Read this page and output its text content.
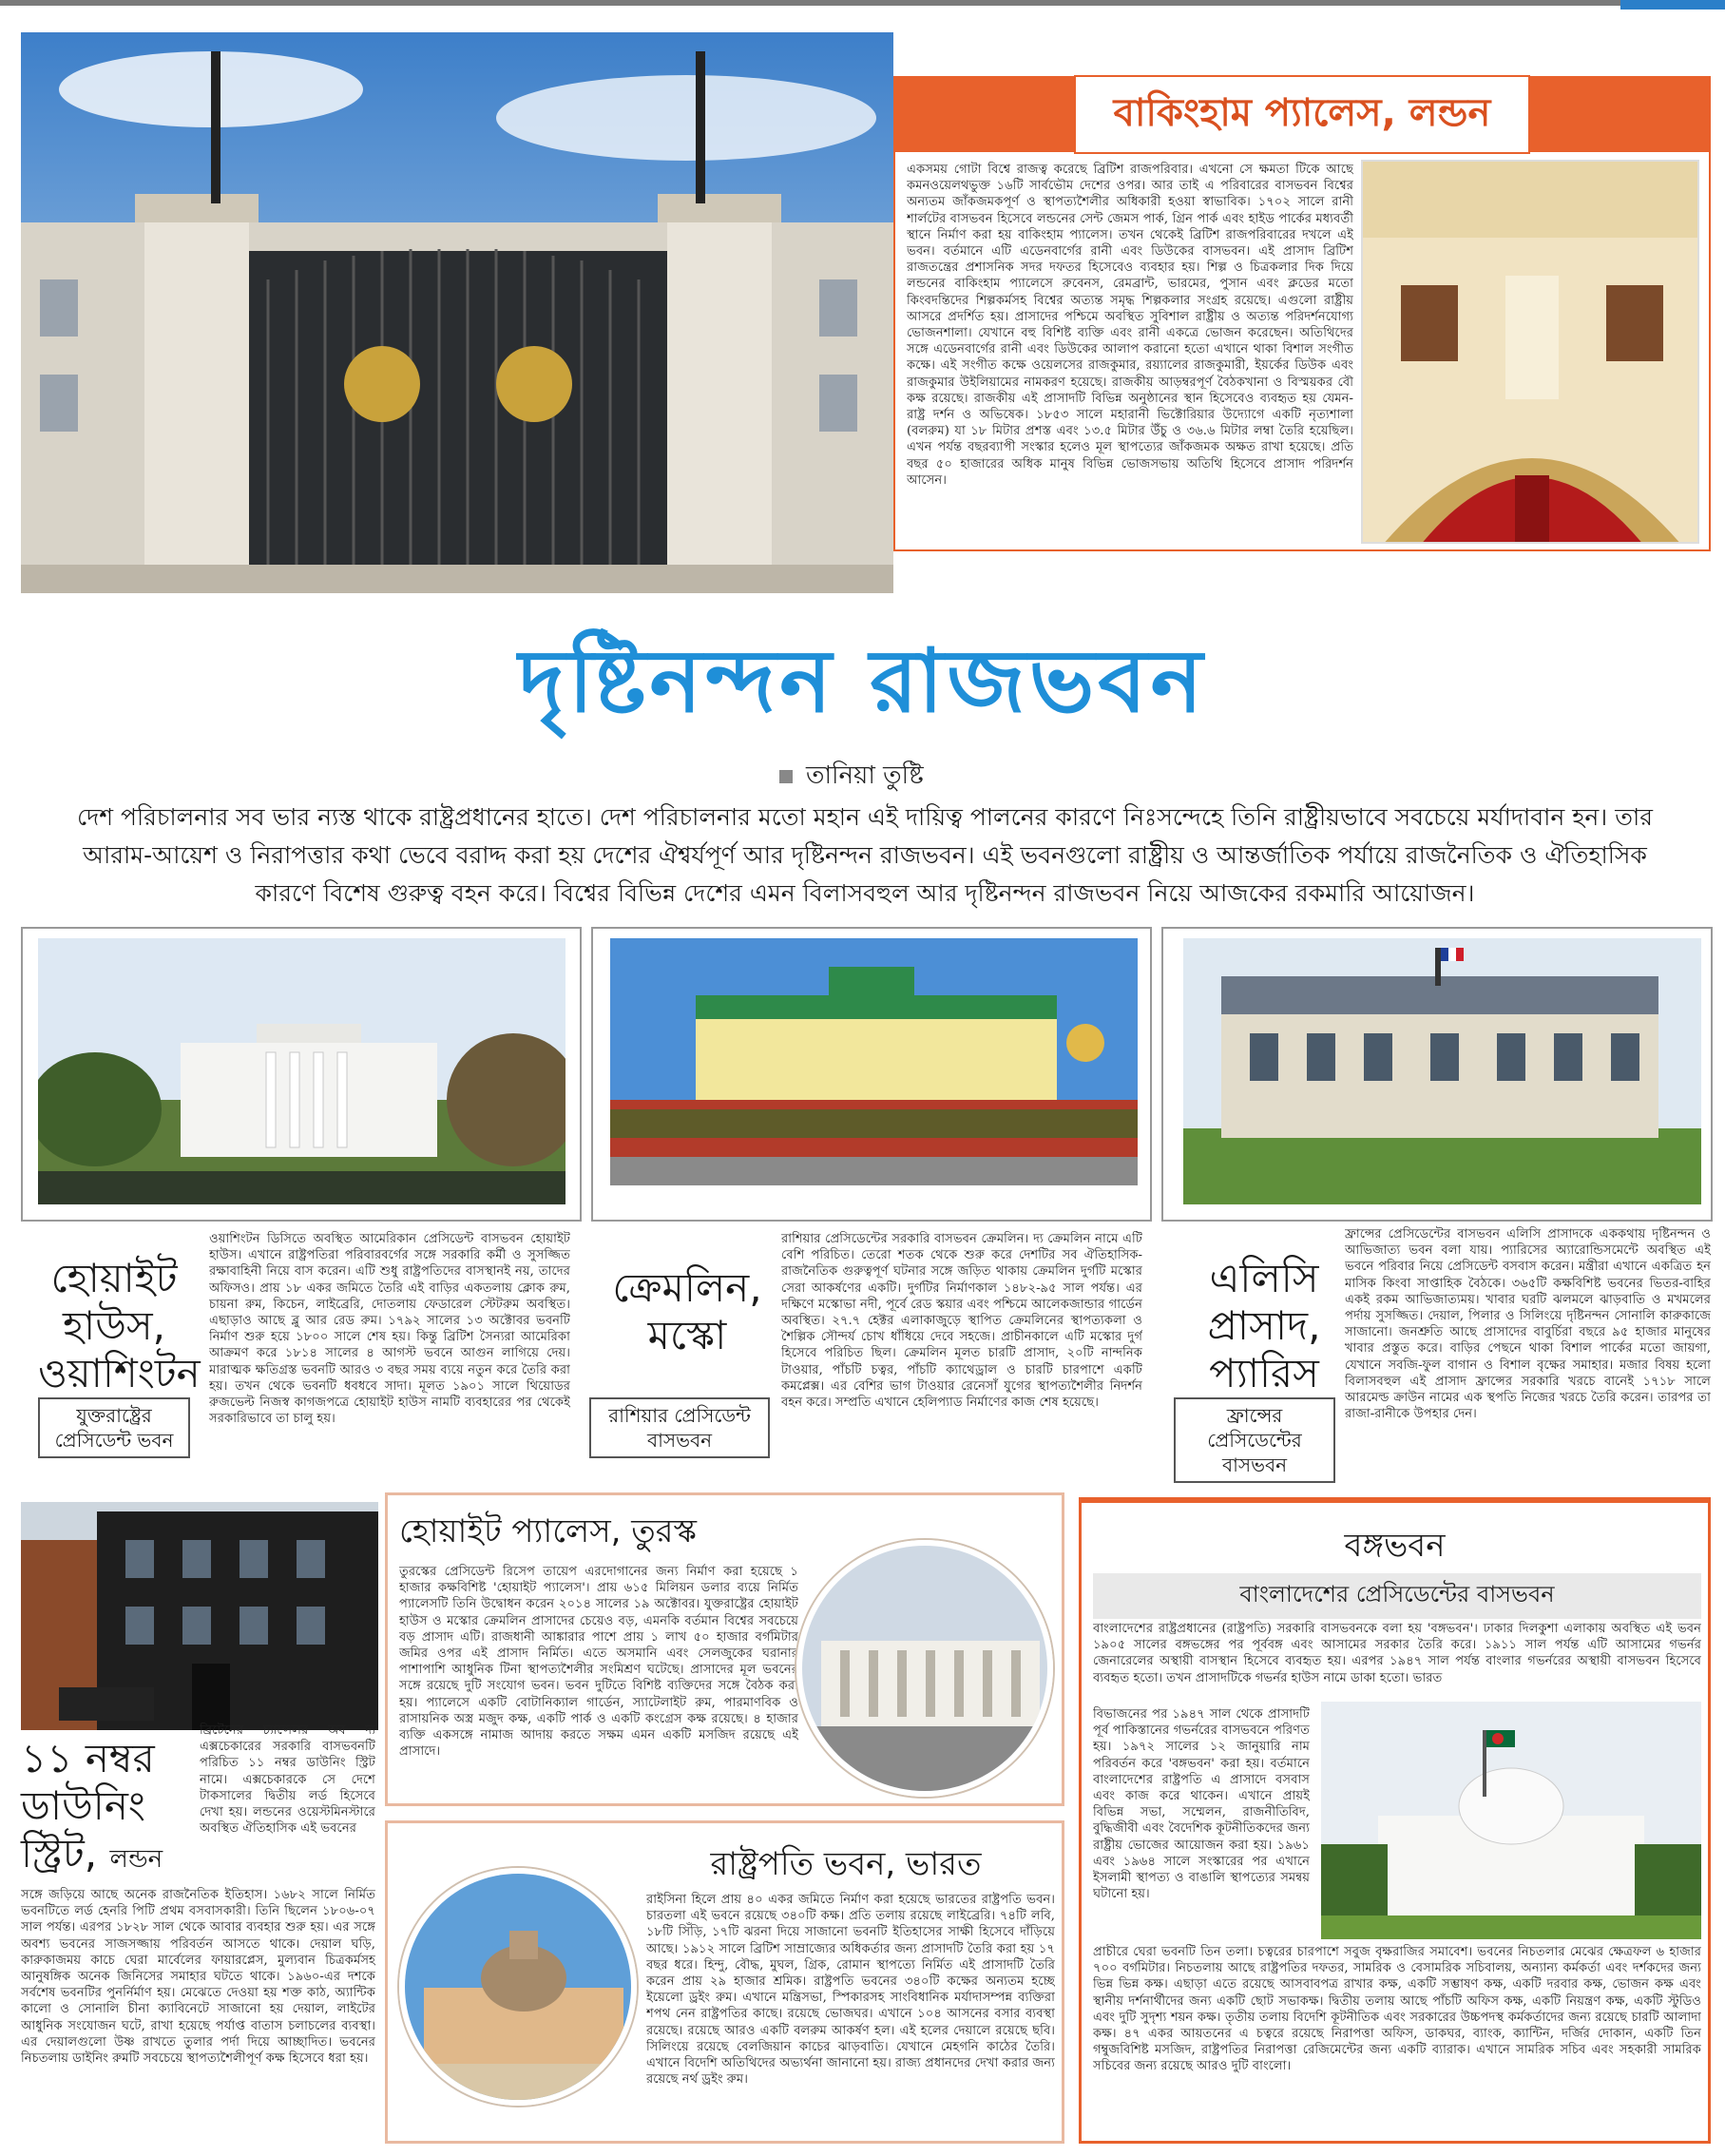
বাকিংহাম প্যালেস, লন্ডন
একসময় গোটা বিশ্বে রাজত্ব করেছে ব্রিটিশ রাজপরিবার। এখনো সে ক্ষমতা টিকে আছে কমনওয়েলথভুক্ত ১৬টি সার্বভৌম দেশের ওপর। আর তাই এ পরিবারের বাসভবন বিশ্বের অন্যতম জাঁকজমকপূর্ণ ও স্থাপত্যশৈলীর অধিকারী হওয়া স্বাভাবিক। ১৭০২ সালে রানী শার্লটের বাসভবন হিসেবে লন্ডনের সেন্ট জেমস পার্ক, গ্রিন পার্ক এবং হাইড পার্কের মধ্যবর্তী স্থানে নির্মাণ করা হয় বাকিংহাম প্যালেস। তখন থেকেই ব্রিটিশ রাজপরিবারের দখলে এই ভবন। বর্তমানে এটি এডেনবার্গের রানী এবং ডিউকের বাসভবন। এই প্রাসাদ ব্রিটিশ রাজতন্ত্রের প্রশাসনিক সদর দফতর হিসেবেও ব্যবহার হয়। শিল্প ও চিত্রকলার দিক দিয়ে লন্ডনের বাকিংহাম প্যালেসে রুবেনস, রেমব্রান্ট, ভারমের, পুসান এবং ক্লডের মতো কিংবদন্তিদের শিল্পকর্মসহ বিশ্বের অত্যন্ত সমৃদ্ধ শিল্পকলার সংগ্রহ রয়েছে। এগুলো রাষ্ট্রীয় আসরে প্রদর্শিত হয়। প্রাসাদের পশ্চিমে অবস্থিত সুবিশাল রাষ্ট্রীয় ও অত্যন্ত পরিদর্শনযোগ্য ভোজনশালা। যেখানে বহু বিশিষ্ট ব্যক্তি এবং রানী একত্রে ভোজন করেছেন। অতিথিদের সঙ্গে এডেনবার্গের রানী এবং ডিউকের আলাপ করানো হতো এখানে থাকা বিশাল সংগীত কক্ষে। এই সংগীত কক্ষে ওয়েলসের রাজকুমার, রয়্যালের রাজকুমারী, ইয়র্কের ডিউক এবং রাজকুমার উইলিয়ামের নামকরণ হয়েছে। রাজকীয় আড়ম্বরপূর্ণ বৈঠকখানা ও বিস্ময়কর বৌ কক্ষ রয়েছে। রাজকীয় এই প্রাসাদটি বিভিন্ন অনুষ্ঠানের স্থান হিসেবেও ব্যবহৃত হয় যেমন- রাষ্ট্র দর্শন ও অভিষেক। ১৮৫৩ সালে মহারানী ভিক্টোরিয়ার উদ্যোগে একটি নৃত্যশালা (বলরুম) যা ১৮ মিটার প্রশস্ত এবং ১৩.৫ মিটার উঁচু ও ৩৬.৬ মিটার লম্বা তৈরি হয়েছিল। এখন পর্যন্ত বছরব্যাপী সংস্কার হলেও মূল স্থাপত্যের জাঁকজমক অক্ষত রাখা হয়েছে। প্রতি বছর ৫০ হাজারের অধিক মানুষ বিভিন্ন ভোজসভায় অতিথি হিসেবে প্রাসাদ পরিদর্শন আসেন।
দৃষ্টিনন্দন রাজভবন
তানিয়া তুষ্টি
দেশ পরিচালনার সব ভার ন্যস্ত থাকে রাষ্ট্রপ্রধানের হাতে। দেশ পরিচালনার মতো মহান এই দায়িত্ব পালনের কারণে নিঃসন্দেহে তিনি রাষ্ট্রীয়ভাবে সবচেয়ে মর্যাদাবান হন। তার আরাম-আয়েশ ও নিরাপত্তার কথা ভেবে বরাদ্দ করা হয় দেশের ঐশ্বর্যপূর্ণ আর দৃষ্টিনন্দন রাজভবন। এই ভবনগুলো রাষ্ট্রীয় ও আন্তর্জাতিক পর্যায়ে রাজনৈতিক ও ঐতিহাসিক কারণে বিশেষ গুরুত্ব বহন করে। বিশ্বের বিভিন্ন দেশের এমন বিলাসবহুল আর দৃষ্টিনন্দন রাজভবন নিয়ে আজকের রকমারি আয়োজন।
হোয়াইট হাউস, ওয়াশিংটন
যুক্তরাষ্ট্রের প্রেসিডেন্ট ভবন
ওয়াশিংটন ডিসিতে অবস্থিত আমেরিকান প্রেসিডেন্ট বাসভবন হোয়াইট হাউস। এখানে রাষ্ট্রপতিরা পরিবারবর্গের সঙ্গে সরকারি কর্মী ও সুসজ্জিত রক্ষাবাহিনী নিয়ে বাস করেন। এটি শুধু রাষ্ট্রপতিদের বাসস্থানই নয়, তাদের অফিসও। প্রায় ১৮ একর জমিতে তৈরি এই বাড়ির একতলায় ক্লোক রুম, চায়না রুম, কিচেন, লাইব্রেরি, দোতলায় ফেডারেল স্টেটরুম অবস্থিত। এছাড়াও আছে ব্লু আর রেড রুম। ১৭৯২ সালের ১৩ অক্টোবর ভবনটি নির্মাণ শুরু হয়ে ১৮০০ সালে শেষ হয়। কিন্তু ব্রিটিশ সৈন্যরা আমেরিকা আক্রমণ করে ১৮১৪ সালের ৪ আগস্ট ভবনে আগুন লাগিয়ে দেয়। মারাত্মক ক্ষতিগ্রস্ত ভবনটি আরও ৩ বছর সময় ব্যয়ে নতুন করে তৈরি করা হয়। তখন থেকে ভবনটি ধবধবে সাদা। মূলত ১৯০১ সালে থিয়োডর রুজভেল্ট নিজস্ব কাগজপত্রে হোয়াইট হাউস নামটি ব্যবহারের পর থেকেই সরকারিভাবে তা চালু হয়।
ক্রেমলিন, মস্কো
রাশিয়ার প্রেসিডেন্ট বাসভবন
রাশিয়ার প্রেসিডেন্টের সরকারি বাসভবন ক্রেমলিন। দ্য ক্রেমলিন নামে এটি বেশি পরিচিত। তেরো শতক থেকে শুরু করে দেশটির সব ঐতিহাসিক-রাজনৈতিক গুরুত্বপূর্ণ ঘটনার সঙ্গে জড়িত থাকায় ক্রেমলিন দুর্গটি মস্কোর সেরা আকর্ষণের একটি। দুর্গটির নির্মাণকাল ১৪৮২-৯৫ সাল পর্যন্ত। এর দক্ষিণে মস্কোভা নদী, পূর্বে রেড স্কয়ার এবং পশ্চিমে আলেকজান্ডার গার্ডেন অবস্থিত। ২৭.৭ হেক্টর এলাকাজুড়ে স্থাপিত ক্রেমলিনের স্থাপত্যকলা ও শৈল্পিক সৌন্দর্য চোখ ধাঁধিয়ে দেবে সহজে। প্রাচীনকালে এটি মস্কোর দুর্গ হিসেবে পরিচিত ছিল। ক্রেমলিন মূলত চারটি প্রাসাদ, ২০টি নান্দনিক টাওয়ার, পাঁচটি চত্বর, পাঁচটি ক্যাথেড্রাল ও চারটি চারপাশে একটি কমপ্লেক্স। এর বেশির ভাগ টাওয়ার রেনেসাঁ যুগের স্থাপত্যশৈলীর নিদর্শন বহন করে। সম্প্রতি এখানে হেলিপ্যাড নির্মাণের কাজ শেষ হয়েছে।
এলিসি প্রাসাদ, প্যারিস
ফ্রান্সের প্রেসিডেন্টের বাসভবন
ফ্রান্সের প্রেসিডেন্টের বাসভবন এলিসি প্রাসাদকে এককথায় দৃষ্টিনন্দন ও আভিজাত্য ভবন বলা যায়। প্যারিসের অ্যারোন্ডিসমেন্টে অবস্থিত এই ভবনে পরিবার নিয়ে প্রেসিডেন্ট বসবাস করেন। মন্ত্রীরা এখানে একত্রিত হন মাসিক কিংবা সাপ্তাহিক বৈঠকে। ৩৬৫টি কক্ষবিশিষ্ট ভবনের ভিতর-বাহির একই রকম আভিজাত্যময়। খাবার ঘরটি ঝলমলে ঝাড়বাতি ও মখমলের পর্দায় সুসজ্জিত। দেয়াল, পিলার ও সিলিংয়ে দৃষ্টিনন্দন সোনালি কারুকাজে সাজানো। জনশ্রুতি আছে প্রাসাদের বাবুর্চিরা বছরে ৯৫ হাজার মানুষের খাবার প্রস্তুত করে। বাড়ির পেছনে থাকা বিশাল পার্কের মতো জায়গা, যেখানে সবজি-ফুল বাগান ও বিশাল বৃক্ষের সমাহার। মজার বিষয় হলো বিলাসবহুল এই প্রাসাদ ফ্রান্সের সরকারি খরচে বানেই ১৭১৮ সালে আরমেল্ড ক্রাউন নামের এক স্থপতি নিজের খরচে তৈরি করেন। তারপর তা রাজা-রানীকে উপহার দেন।
১১ নম্বর ডাউনিং স্ট্রিট, লন্ডন
ব্রিটেনের চ্যান্সেলর অব দ্য এক্সচেকারের সরকারি বাসভবনটি পরিচিত ১১ নম্বর ডাউনিং স্ট্রিট নামে। এক্সচেকারকে সে দেশে টাকসালের দ্বিতীয় লর্ড হিসেবে দেখা হয়। লন্ডনের ওয়েস্টমিনস্টারে অবস্থিত ঐতিহাসিক এই ভবনের
সঙ্গে জড়িয়ে আছে অনেক রাজনৈতিক ইতিহাস। ১৬৮২ সালে নির্মিত ভবনটিতে লর্ড হেনরি পিটি প্রথম বসবাসকারী। তিনি ছিলেন ১৮০৬-০৭ সাল পর্যন্ত। এরপর ১৮২৮ সাল থেকে আবার ব্যবহার শুরু হয়। এর সঙ্গে অবশ্য ভবনের সাজসজ্জায় পরিবর্তন আসতে থাকে। দেয়াল ঘড়ি, কারুকাজময় কাচে ঘেরা মার্বেলের ফায়ারপ্লেস, মুল্যবান চিত্রকর্মসহ আনুষঙ্গিক অনেক জিনিসের সমাহার ঘটতে থাকে। ১৯৬০-এর দশকে সর্বশেষ ভবনটির পুনর্নির্মাণ হয়। মেঝেতে দেওয়া হয় শক্ত কাঠ, অ্যান্টিক কালো ও সোনালি চীনা ক্যাবিনেটে সাজানো হয় দেয়াল, লাইটের আধুনিক সংযোজন ঘটে, রাখা হয়েছে পর্যাপ্ত বাতাস চলাচলের ব্যবস্থা। এর দেয়ালগুলো উষ্ণ রাখতে তুলার পর্দা দিয়ে আচ্ছাদিত। ভবনের নিচতলায় ডাইনিং রুমটি সবচেয়ে স্থাপত্যশৈলীপূর্ণ কক্ষ হিসেবে ধরা হয়।
হোয়াইট প্যালেস, তুরস্ক
তুরস্কের প্রেসিডেন্ট রিসেপ তায়েপ এরদোগানের জন্য নির্মাণ করা হয়েছে ১ হাজার কক্ষবিশিষ্ট 'হোয়াইট প্যালেস'। প্রায় ৬১৫ মিলিয়ন ডলার ব্যয়ে নির্মিত প্যালেসটি তিনি উদ্বোধন করেন ২০১৪ সালের ১৯ অক্টোবর। যুক্তরাষ্ট্রের হোয়াইট হাউস ও মস্কোর ক্রেমলিন প্রাসাদের চেয়েও বড়, এমনকি বর্তমান বিশ্বের সবচেয়ে বড় প্রাসাদ এটি। রাজধানী আঙ্কারার পাশে প্রায় ১ লাখ ৫০ হাজার বর্গমিটার জমির ওপর এই প্রাসাদ নির্মিত। এতে অসমানি এবং সেলজুকের ঘরানার পাশাপাশি আধুনিক টিনা স্থাপত্যশৈলীর সংমিশ্রণ ঘটেছে। প্রাসাদের মূল ভবনের সঙ্গে রয়েছে দুটি সংযোগ ভবন। ভবন দুটিতে বিশিষ্ট ব্যক্তিদের সঙ্গে বৈঠক করা হয়। প্যালেসে একটি বোটানিক্যাল গার্ডেন, স্যাটেলাইট রুম, পারমাণবিক ও রাসায়নিক অস্ত্র মজুদ কক্ষ, একটি পার্ক ও একটি কংগ্রেস কক্ষ রয়েছে। ৪ হাজার ব্যক্তি একসঙ্গে নামাজ আদায় করতে সক্ষম এমন একটি মসজিদ রয়েছে এই প্রাসাদে।
রাষ্ট্রপতি ভবন, ভারত
রাইসিনা হিলে প্রায় ৪০ একর জমিতে নির্মাণ করা হয়েছে ভারতের রাষ্ট্রপতি ভবন। চারতলা এই ভবনে রয়েছে ৩৪০টি কক্ষ। প্রতি তলায় রয়েছে লাইব্রেরি। ৭৪টি লবি, ১৮টি সিঁড়ি, ১৭টি ঝরনা দিয়ে সাজানো ভবনটি ইতিহাসের সাক্ষী হিসেবে দাঁড়িয়ে আছে। ১৯১২ সালে ব্রিটিশ সাম্রাজ্যের অধিকর্তার জন্য প্রাসাদটি তৈরি করা হয় ১৭ বছর ধরে। হিন্দু, বৌদ্ধ, মুঘল, গ্রিক, রোমান স্থাপত্যে নির্মিত এই প্রাসাদটি তৈরি করেন প্রায় ২৯ হাজার শ্রমিক। রাষ্ট্রপতি ভবনের ৩৪০টি কক্ষের অন্যতম হচ্ছে ইয়েলো ড্রইং রুম। এখানে মন্ত্রিসভা, স্পিকারসহ সাংবিধানিক মর্যাদাসম্পন্ন ব্যক্তিরা শপথ নেন রাষ্ট্রপতির কাছে। রয়েছে ভোজঘর। এখানে ১০৪ আসনের বসার ব্যবস্থা রয়েছে। রয়েছে আরও একটি বলরুম আকর্ষণ হল। এই হলের দেয়ালে রয়েছে ছবি। সিলিংয়ে রয়েছে বেলজিয়ান কাচের ঝাড়বাতি। যেখানে মেহগনি কাঠের তৈরি। এখানে বিদেশি অতিথিদের অভ্যর্থনা জানানো হয়। রাজ্য প্রধানদের দেখা করার জন্য রয়েছে নর্থ ড্রইং রুম।
বঙ্গভবন
বাংলাদেশের প্রেসিডেন্টের বাসভবন
বাংলাদেশের রাষ্ট্রপ্রধানের (রাষ্ট্রপতি) সরকারি বাসভবনকে বলা হয় 'বঙ্গভবন'। ঢাকার দিলকুশা এলাকায় অবস্থিত এই ভবন ১৯০৫ সালের বঙ্গভঙ্গের পর পূর্ববঙ্গ এবং আসামের সরকার তৈরি করে। ১৯১১ সাল পর্যন্ত এটি আসামের গভর্নর জেনারেলের অস্থায়ী বাসস্থান হিসেবে ব্যবহৃত হয়। এরপর ১৯৪৭ সাল পর্যন্ত বাংলার গভর্নরের অস্থায়ী বাসভবন হিসেবে ব্যবহৃত হতো। তখন প্রাসাদটিকে গভর্নর হাউস নামে ডাকা হতো। ভারত
বিভাজনের পর ১৯৪৭ সাল থেকে প্রাসাদটি পূর্ব পাকিস্তানের গভর্নরের বাসভবনে পরিণত হয়। ১৯৭২ সালের ১২ জানুয়ারি নাম পরিবর্তন করে 'বঙ্গভবন' করা হয়। বর্তমানে বাংলাদেশের রাষ্ট্রপতি এ প্রাসাদে বসবাস এবং কাজ করে থাকেন। এখানে প্রায়ই বিভিন্ন সভা, সম্মেলন, রাজনীতিবিদ, বুদ্ধিজীবী এবং বৈদেশিক কূটনীতিকদের জন্য রাষ্ট্রীয় ভোজের আয়োজন করা হয়। ১৯৬১ এবং ১৯৬৪ সালে সংস্কারের পর এখানে ইসলামী স্থাপত্য ও বাঙালি স্থাপত্যের সমন্বয় ঘটানো হয়।
প্রাচীরে ঘেরা ভবনটি তিন তলা। চত্বরের চারপাশে সবুজ বৃক্ষরাজির সমাবেশ। ভবনের নিচতলার মেঝের ক্ষেত্রফল ৬ হাজার ৭০০ বর্গমিটার। নিচতলায় আছে রাষ্ট্রপতির দফতর, সামরিক ও বেসামরিক সচিবালয়, অন্যান্য কর্মকর্তা এবং দর্শকদের জন্য ভিন্ন ভিন্ন কক্ষ। এছাড়া এতে রয়েছে আসবাবপত্র রাখার কক্ষ, একটি সম্ভাষণ কক্ষ, একটি দরবার কক্ষ, ভোজন কক্ষ এবং স্থানীয় দর্শনার্থীদের জন্য একটি ছোট সভাকক্ষ। দ্বিতীয় তলায় আছে পাঁচটি অফিস কক্ষ, একটি নিয়ন্ত্রণ কক্ষ, একটি স্টুডিও এবং দুটি সুদৃশ্য শয়ন কক্ষ। তৃতীয় তলায় বিদেশি কূটনীতিক এবং সরকারের উচ্চপদস্থ কর্মকর্তাদের জন্য রয়েছে চারটি আলাদা কক্ষ। ৪৭ একর আয়তনের এ চত্বরে রয়েছে নিরাপত্তা অফিস, ডাকঘর, ব্যাংক, ক্যান্টিন, দর্জির দোকান, একটি তিন গম্বুজবিশিষ্ট মসজিদ, রাষ্ট্রপতির নিরাপত্তা রেজিমেন্টের জন্য একটি ব্যারাক। এখানে সামরিক সচিব এবং সহকারী সামরিক সচিবের জন্য রয়েছে আরও দুটি বাংলো।
